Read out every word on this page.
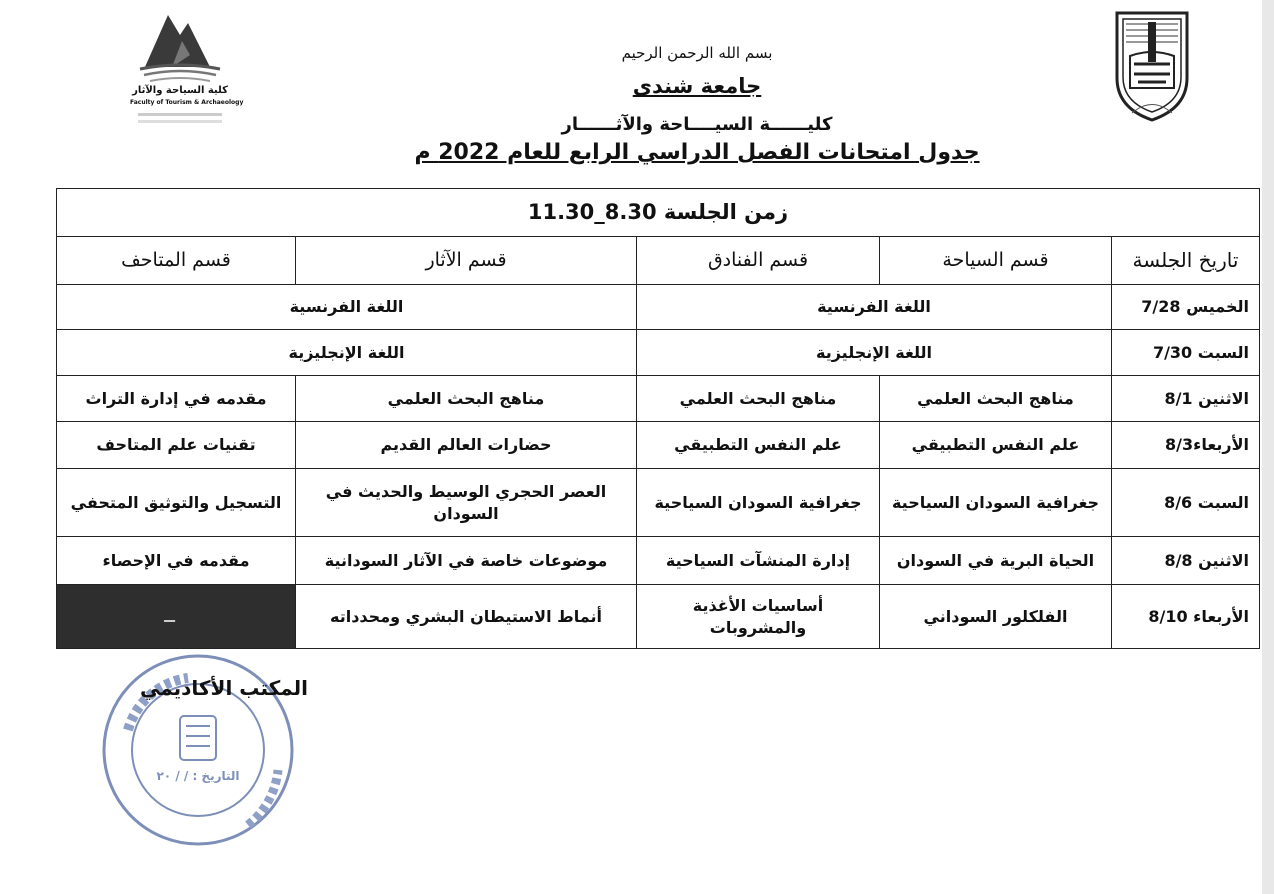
كلية السياحة والآثار
Faculty of Tourism & Archaeology
بسم الله الرحمن الرحيم
جامعة شندى
كليــــــة السيــــاحة والآثــــــار
جدول امتحانات الفصل الدراسي الرابع للعام 2022 م
زمن الجلسة 8.30_11.30				
تاريخ الجلسة	قسم السياحة	قسم الفنادق	قسم الآثار	قسم المتاحف
الخميس 7/28	اللغة الفرنسية		اللغة الفرنسية	
السبت 7/30	اللغة الإنجليزية		اللغة الإنجليزية	
الاثنين 8/1	مناهج البحث العلمي	مناهج البحث العلمي	مناهج البحث العلمي	مقدمه في إدارة التراث
الأربعاء8/3	علم النفس التطبيقي	علم النفس التطبيقي	حضارات العالم القديم	تقنيات علم المتاحف
السبت 8/6	جغرافية السودان السياحية	جغرافية السودان السياحية	العصر الحجري الوسيط والحديث في السودان	التسجيل والتوثيق المتحفي
الاثنين 8/8	الحياة البرية في السودان	إدارة المنشآت السياحية	موضوعات خاصة في الآثار السودانية	مقدمه في الإحصاء
الأربعاء 8/10	الفلكلور السوداني	أساسيات الأغذية والمشروبات	أنماط الاستيطان البشري ومحدداته	ــ
التاريخ : / / ٢٠
المكتب الأكاديمي
